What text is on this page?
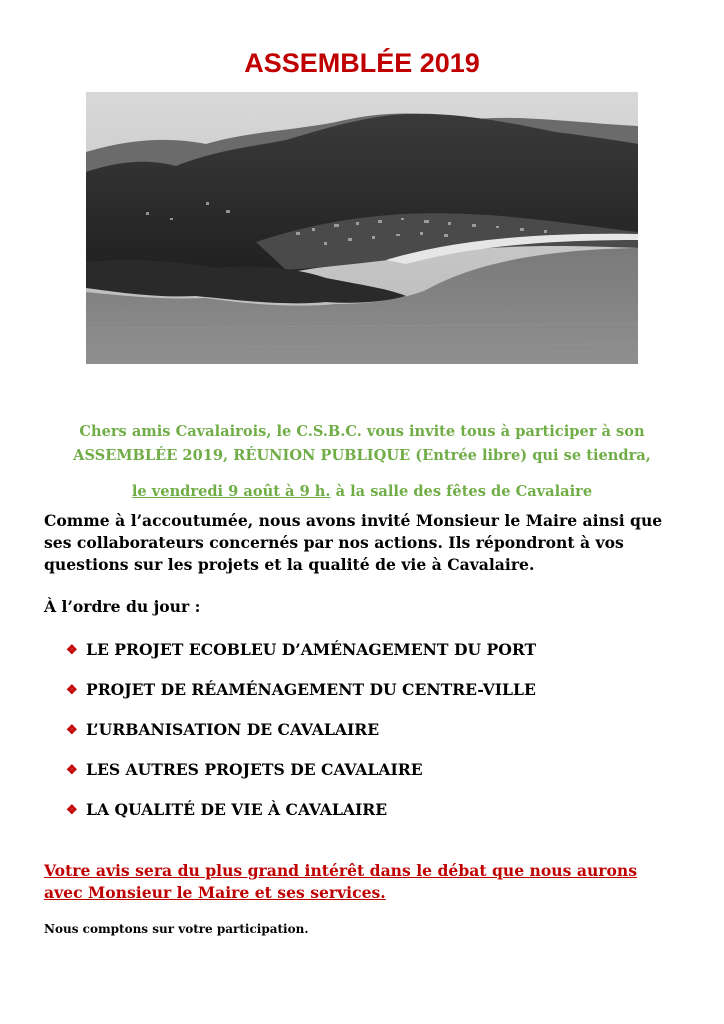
ASSEMBLÉE 2019
Chers amis Cavalairois, le C.S.B.C. vous invite tous à participer à son
ASSEMBLÉE 2019, RÉUNION PUBLIQUE (Entrée libre) qui se tiendra,
le vendredi 9 août à 9 h. à la salle des fêtes de Cavalaire
Comme à l’accoutumée, nous avons invité Monsieur le Maire ainsi que
ses collaborateurs concernés par nos actions. Ils répondront à vos
questions sur les projets et la qualité de vie à Cavalaire.
À l’ordre du jour :
❖ LE PROJET ECOBLEU D’AMÉNAGEMENT DU PORT
❖ PROJET DE RÉAMÉNAGEMENT DU CENTRE-VILLE
❖ L’URBANISATION DE CAVALAIRE
❖ LES AUTRES PROJETS DE CAVALAIRE
❖ LA QUALITÉ DE VIE À CAVALAIRE
Votre avis sera du plus grand intérêt dans le débat que nous aurons
avec Monsieur le Maire et ses services.
Nous comptons sur votre participation.
